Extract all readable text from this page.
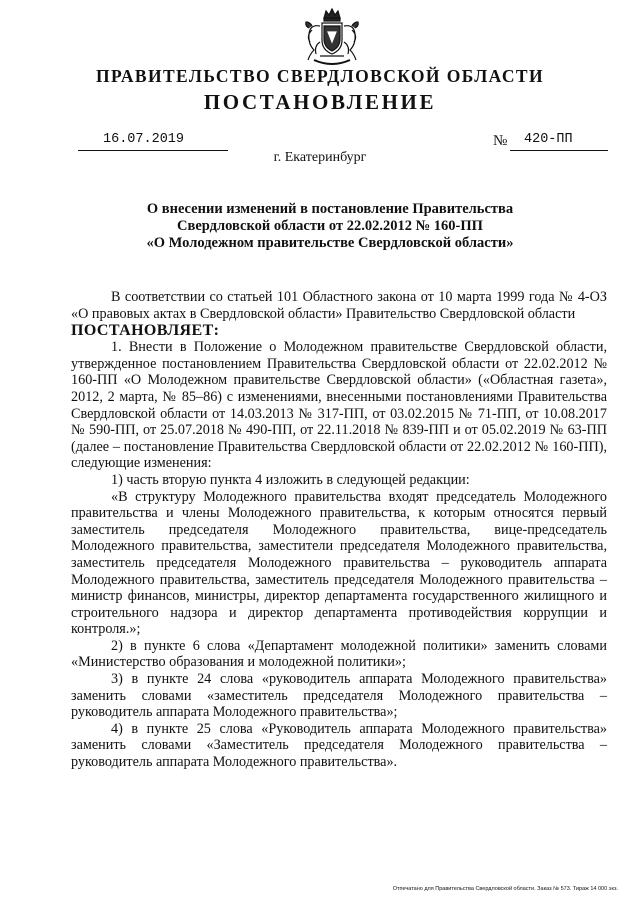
ПРАВИТЕЛЬСТВО СВЕРДЛОВСКОЙ ОБЛАСТИ
ПОСТАНОВЛЕНИЕ
16.07.2019	№ 420-ПП
г. Екатеринбург
О внесении изменений в постановление Правительства
Свердловской области от 22.02.2012 № 160-ПП
«О Молодежном правительстве Свердловской области»

В соответствии со статьей 101 Областного закона от 10 марта 1999 года № 4-ОЗ «О правовых актах в Свердловской области» Правительство Свердловской области

ПОСТАНОВЛЯЕТ:

1. Внести в Положение о Молодежном правительстве Свердловской области, утвержденное постановлением Правительства Свердловской области от 22.02.2012 № 160-ПП «О Молодежном правительстве Свердловской области» («Областная газета», 2012, 2 марта, № 85–86) с изменениями, внесенными постановлениями Правительства Свердловской области от 14.03.2013 № 317-ПП, от 03.02.2015 № 71-ПП, от 10.08.2017 № 590-ПП, от 25.07.2018 № 490-ПП, от 22.11.2018 № 839-ПП и от 05.02.2019 № 63-ПП (далее – постановление Правительства Свердловской области от 22.02.2012 № 160-ПП), следующие изменения:

1) часть вторую пункта 4 изложить в следующей редакции:

«В структуру Молодежного правительства входят председатель Молодежного правительства и члены Молодежного правительства, к которым относятся первый заместитель председателя Молодежного правительства, вице-председатель Молодежного правительства, заместители председателя Молодежного правительства, заместитель председателя Молодежного правительства – руководитель аппарата Молодежного правительства, заместитель председателя Молодежного правительства – министр финансов, министры, директор департамента государственного жилищного и строительного надзора и директор департамента противодействия коррупции и контроля.»;

2) в пункте 6 слова «Департамент молодежной политики» заменить словами «Министерство образования и молодежной политики»;

3) в пункте 24 слова «руководитель аппарата Молодежного правительства» заменить словами «заместитель председателя Молодежного правительства – руководитель аппарата Молодежного правительства»;

4) в пункте 25 слова «Руководитель аппарата Молодежного правительства» заменить словами «Заместитель председателя Молодежного правительства – руководитель аппарата Молодежного правительства».

Отпечатано для Правительства Свердловской области. Заказ № 573. Тираж 14 000 экз.
